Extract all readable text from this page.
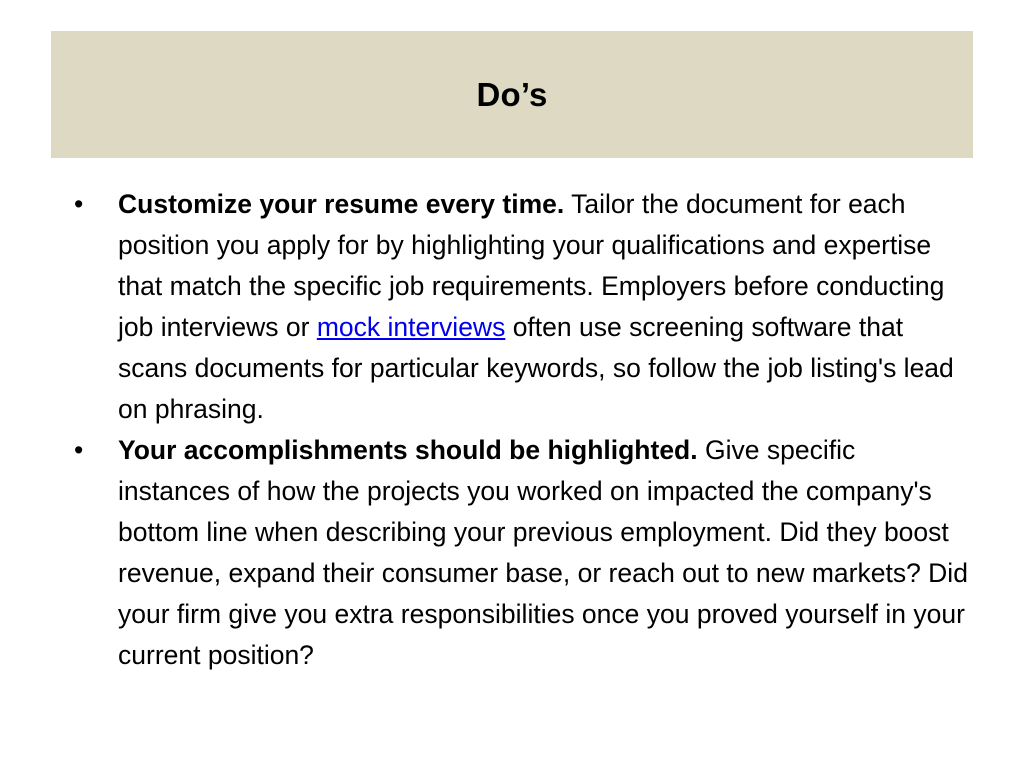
Do’s
• Customize your resume every time. Tailor the document for each position you apply for by highlighting your qualifications and expertise that match the specific job requirements. Employers before conducting job interviews or mock interviews often use screening software that scans documents for particular keywords, so follow the job listing's lead on phrasing.
• Your accomplishments should be highlighted. Give specific instances of how the projects you worked on impacted the company's bottom line when describing your previous employment. Did they boost revenue, expand their consumer base, or reach out to new markets? Did your firm give you extra responsibilities once you proved yourself in your current position?
